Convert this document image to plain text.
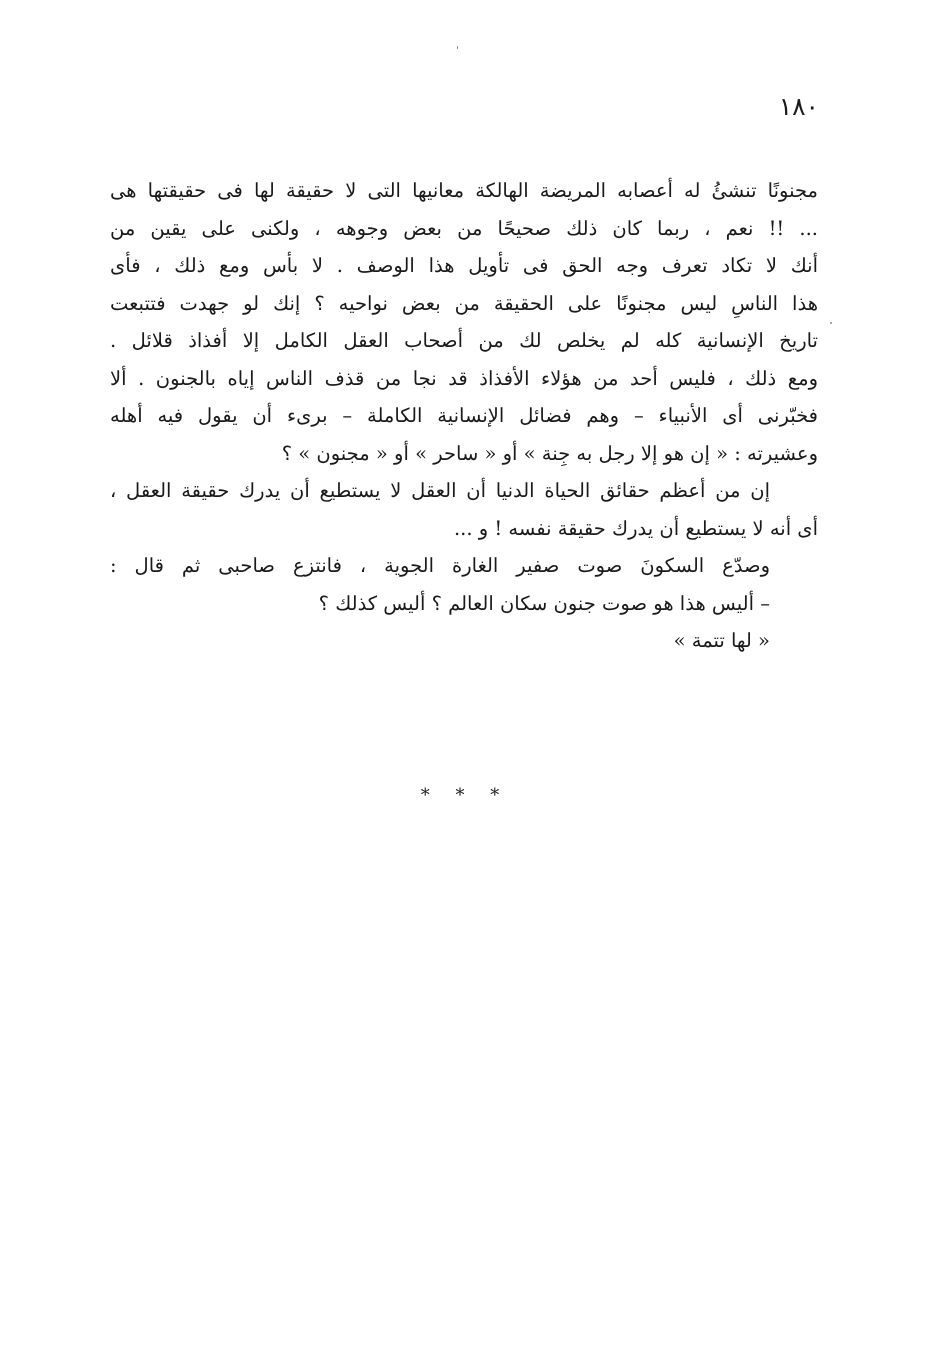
١٨٠
مجنونًا تنشئُ له أعصابه المريضة الهالكة معانيها التى لا حقيقة لها فى حقيقتها هى
... !! نعم ، ربما كان ذلك صحيحًا من بعض وجوهه ، ولكنى على يقين من
أنك لا تكاد تعرف وجه الحق فى تأويل هذا الوصف . لا بأس ومع ذلك ، فأى
هذا الناسِ ليس مجنونًا على الحقيقة من بعض نواحيه ؟ إنك لو جهدت فتتبعت
تاريخ الإنسانية كله لم يخلص لك من أصحاب العقل الكامل إلا أفذاذ قلائل .
ومع ذلك ، فليس أحد من هؤلاء الأفذاذ قد نجا من قذف الناس إياه بالجنون . ألا
فخبّرنى أى الأنبياء – وهم فضائل الإنسانية الكاملة – برىء أن يقول فيه أهله
وعشيرته : « إن هو إلا رجل به جِنة » أو « ساحر » أو « مجنون » ؟
إن من أعظم حقائق الحياة الدنيا أن العقل لا يستطيع أن يدرك حقيقة العقل ،
أى أنه لا يستطيع أن يدرك حقيقة نفسه ! و ...
وصدّع السكونَ صوت صفير الغارة الجوية ، فانتزع صاحبى ثم قال :
– أليس هذا هو صوت جنون سكان العالم ؟ أليس كذلك ؟
« لها تتمة »
* * *
